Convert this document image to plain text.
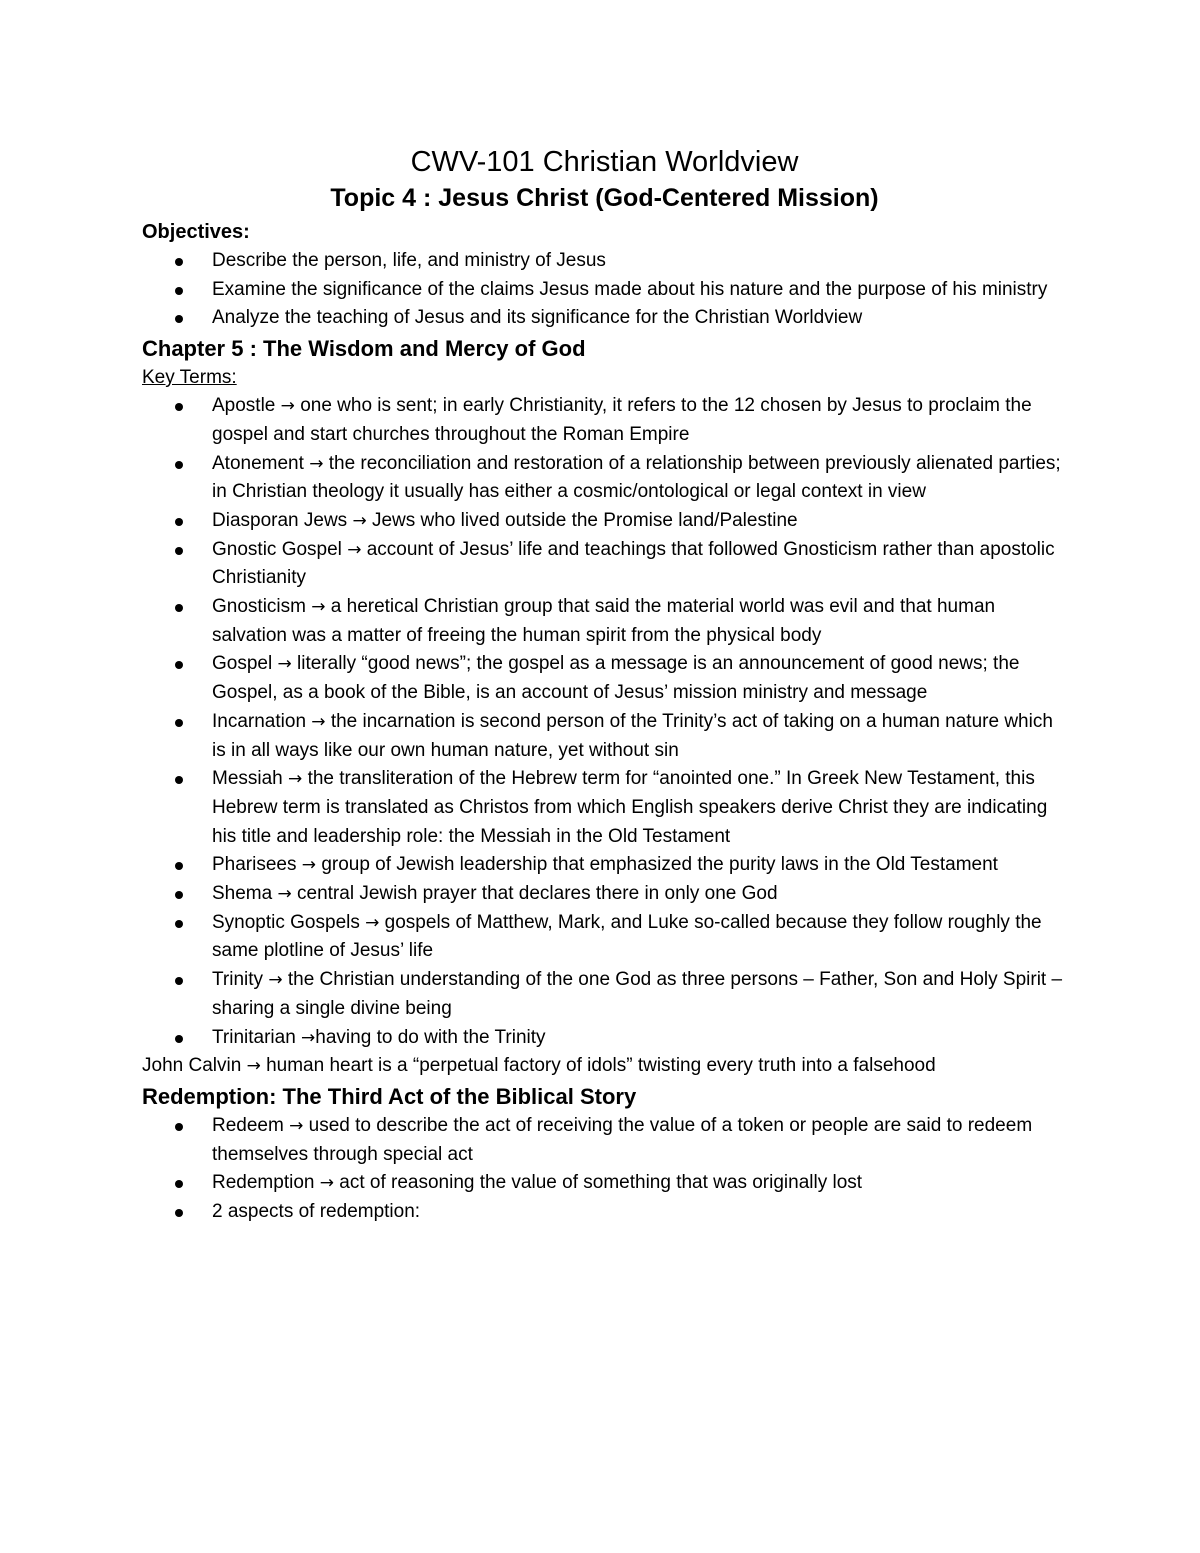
CWV-101 Christian Worldview
Topic 4 : Jesus Christ (God-Centered Mission)
Objectives:
Describe the person, life, and ministry of Jesus
Examine the significance of the claims Jesus made about his nature and the purpose of his ministry
Analyze the teaching of Jesus and its significance for the Christian Worldview
Chapter 5 : The Wisdom and Mercy of God
Key Terms:
Apostle → one who is sent; in early Christianity, it refers to the 12 chosen by Jesus to proclaim the gospel and start churches throughout the Roman Empire
Atonement → the reconciliation and restoration of a relationship between previously alienated parties; in Christian theology it usually has either a cosmic/ontological or legal context in view
Diasporan Jews → Jews who lived outside the Promise land/Palestine
Gnostic Gospel → account of Jesus’ life and teachings that followed Gnosticism rather than apostolic Christianity
Gnosticism → a heretical Christian group that said the material world was evil and that human salvation was a matter of freeing the human spirit from the physical body
Gospel → literally “good news”; the gospel as a message is an announcement of good news; the Gospel, as a book of the Bible, is an account of Jesus’ mission ministry and message
Incarnation → the incarnation is second person of the Trinity’s act of taking on a human nature which is in all ways like our own human nature, yet without sin
Messiah → the transliteration of the Hebrew term for “anointed one.” In Greek New Testament, this Hebrew term is translated as Christos from which English speakers derive Christ they are indicating his title and leadership role: the Messiah in the Old Testament
Pharisees → group of Jewish leadership that emphasized the purity laws in the Old Testament
Shema → central Jewish prayer that declares there in only one God
Synoptic Gospels → gospels of Matthew, Mark, and Luke so-called because they follow roughly the same plotline of Jesus’ life
Trinity → the Christian understanding of the one God as three persons – Father, Son and Holy Spirit – sharing a single divine being
Trinitarian →having to do with the Trinity

John Calvin → human heart is a “perpetual factory of idols” twisting every truth into a falsehood

Redemption: The Third Act of the Biblical Story
Redeem → used to describe the act of receiving the value of a token or people are said to redeem themselves through special act
Redemption → act of reasoning the value of something that was originally lost
2 aspects of redemption:
